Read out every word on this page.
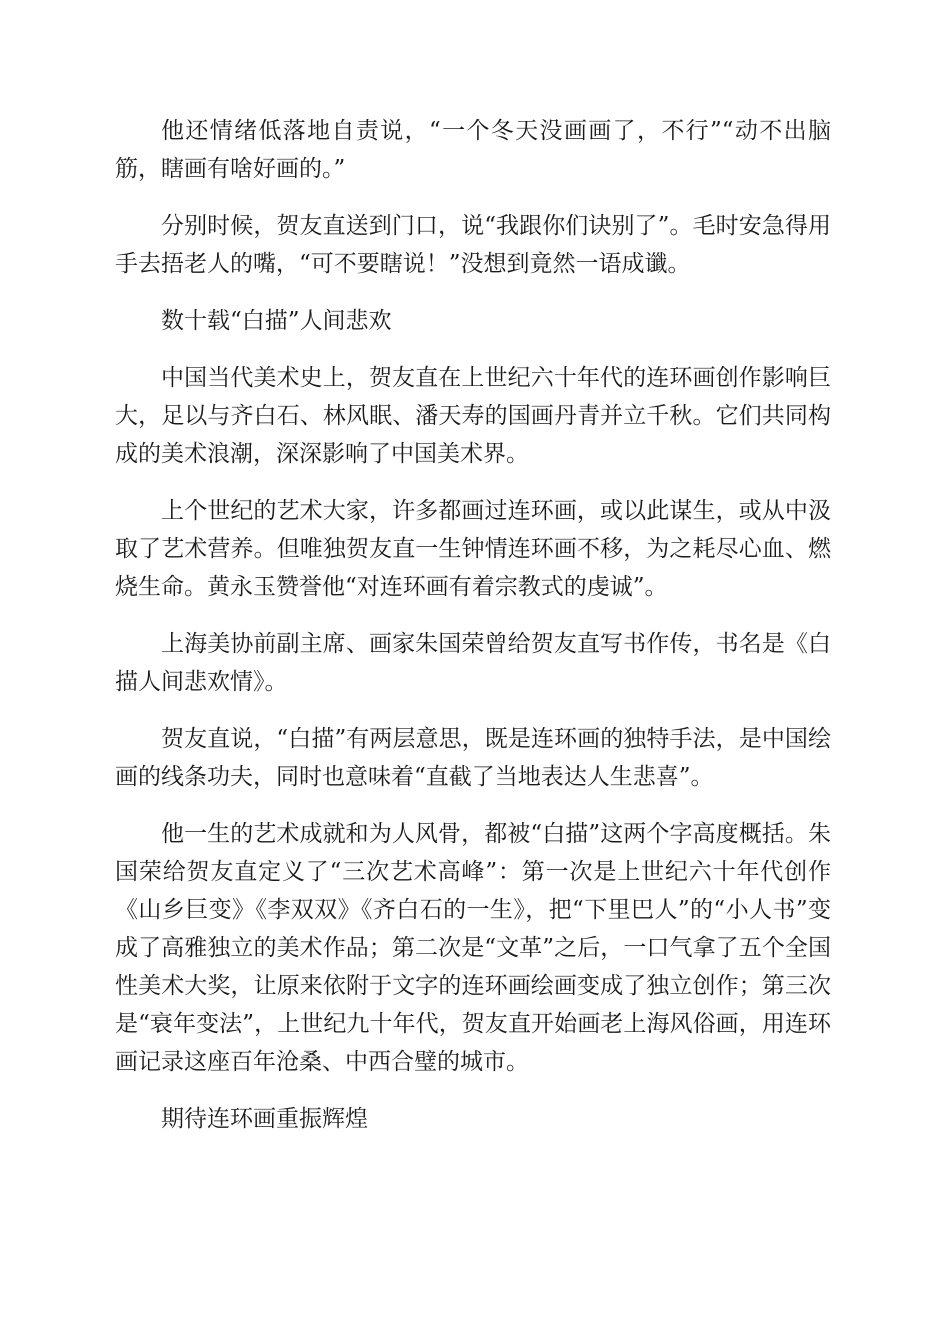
他还情绪低落地自责说，“一个冬天没画画了，不行”“动不出脑筋，瞎画有啥好画的。”

分别时候，贺友直送到门口，说“我跟你们诀别了”。毛时安急得用手去捂老人的嘴，“可不要瞎说！”没想到竟然一语成谶。

数十载“白描”人间悲欢

中国当代美术史上，贺友直在上世纪六十年代的连环画创作影响巨大，足以与齐白石、林风眠、潘天寿的国画丹青并立千秋。它们共同构成的美术浪潮，深深影响了中国美术界。

上个世纪的艺术大家，许多都画过连环画，或以此谋生，或从中汲取了艺术营养。但唯独贺友直一生钟情连环画不移，为之耗尽心血、燃烧生命。黄永玉赞誉他“对连环画有着宗教式的虔诚”。

上海美协前副主席、画家朱国荣曾给贺友直写书作传，书名是《白描人间悲欢情》。

贺友直说，“白描”有两层意思，既是连环画的独特手法，是中国绘画的线条功夫，同时也意味着“直截了当地表达人生悲喜”。

他一生的艺术成就和为人风骨，都被“白描”这两个字高度概括。朱国荣给贺友直定义了“三次艺术高峰”：第一次是上世纪六十年代创作《山乡巨变》《李双双》《齐白石的一生》，把“下里巴人”的“小人书”变成了高雅独立的美术作品；第二次是“文革”之后，一口气拿了五个全国性美术大奖，让原来依附于文字的连环画绘画变成了独立创作；第三次是“衰年变法”，上世纪九十年代，贺友直开始画老上海风俗画，用连环画记录这座百年沧桑、中西合璧的城市。

期待连环画重振辉煌
